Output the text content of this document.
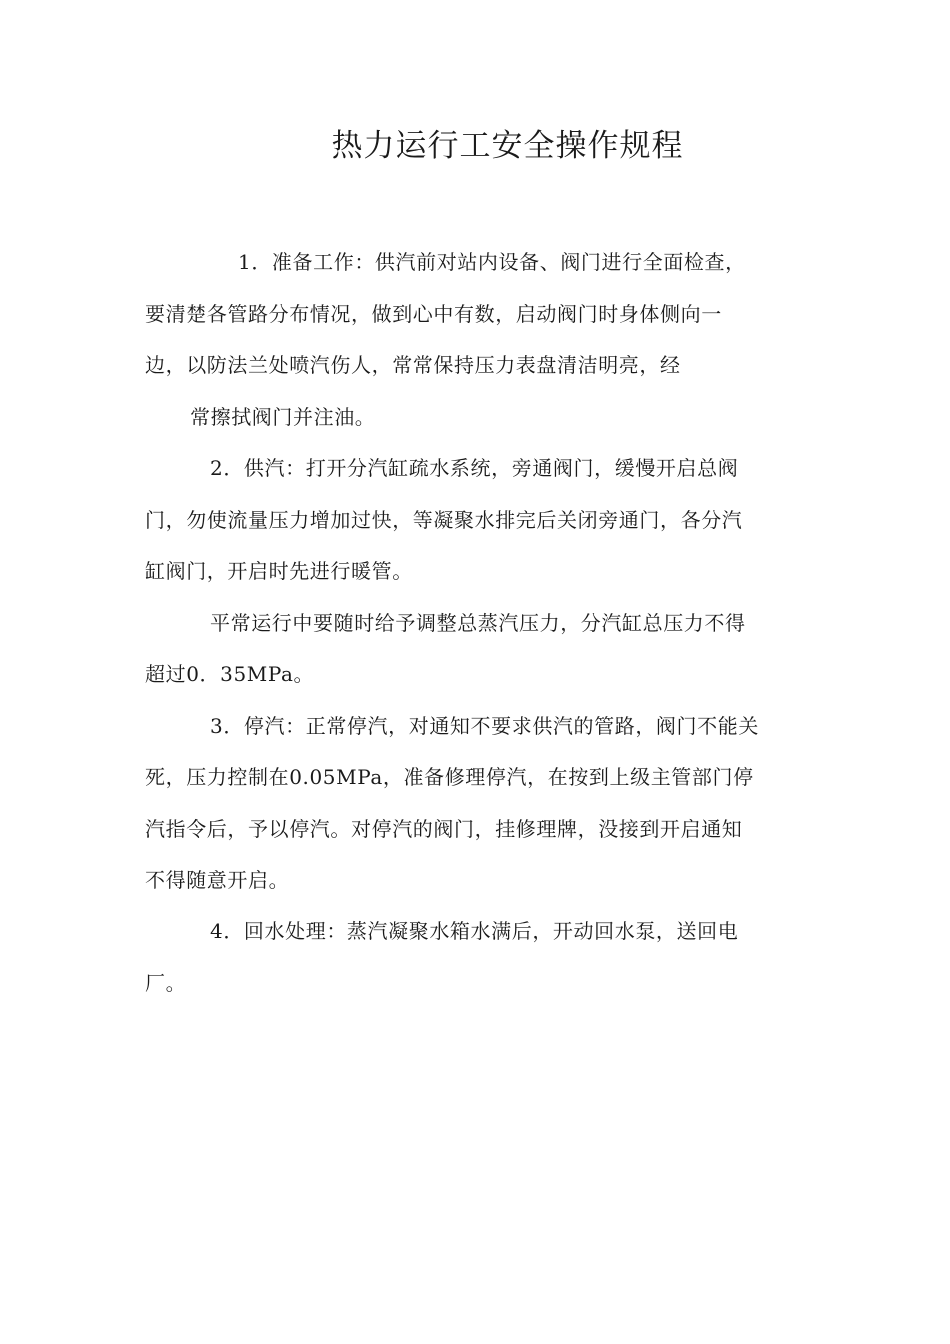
热力运行工安全操作规程

1．准备工作：供汽前对站内设备、阀门进行全面检查，

要清楚各管路分布情况，做到心中有数，启动阀门时身体侧向一

边，以防法兰处喷汽伤人，常常保持压力表盘清洁明亮，经

常擦拭阀门并注油。

2．供汽：打开分汽缸疏水系统，旁通阀门，缓慢开启总阀

门，勿使流量压力增加过快，等凝聚水排完后关闭旁通门，各分汽

缸阀门，开启时先进行暖管。

平常运行中要随时给予调整总蒸汽压力，分汽缸总压力不得

超过0．35MPa。

3．停汽：正常停汽，对通知不要求供汽的管路，阀门不能关

死，压力控制在0.05MPa，准备修理停汽，在按到上级主管部门停

汽指令后，予以停汽。对停汽的阀门，挂修理牌，没接到开启通知

不得随意开启。

4．回水处理：蒸汽凝聚水箱水满后，开动回水泵，送回电

厂。
